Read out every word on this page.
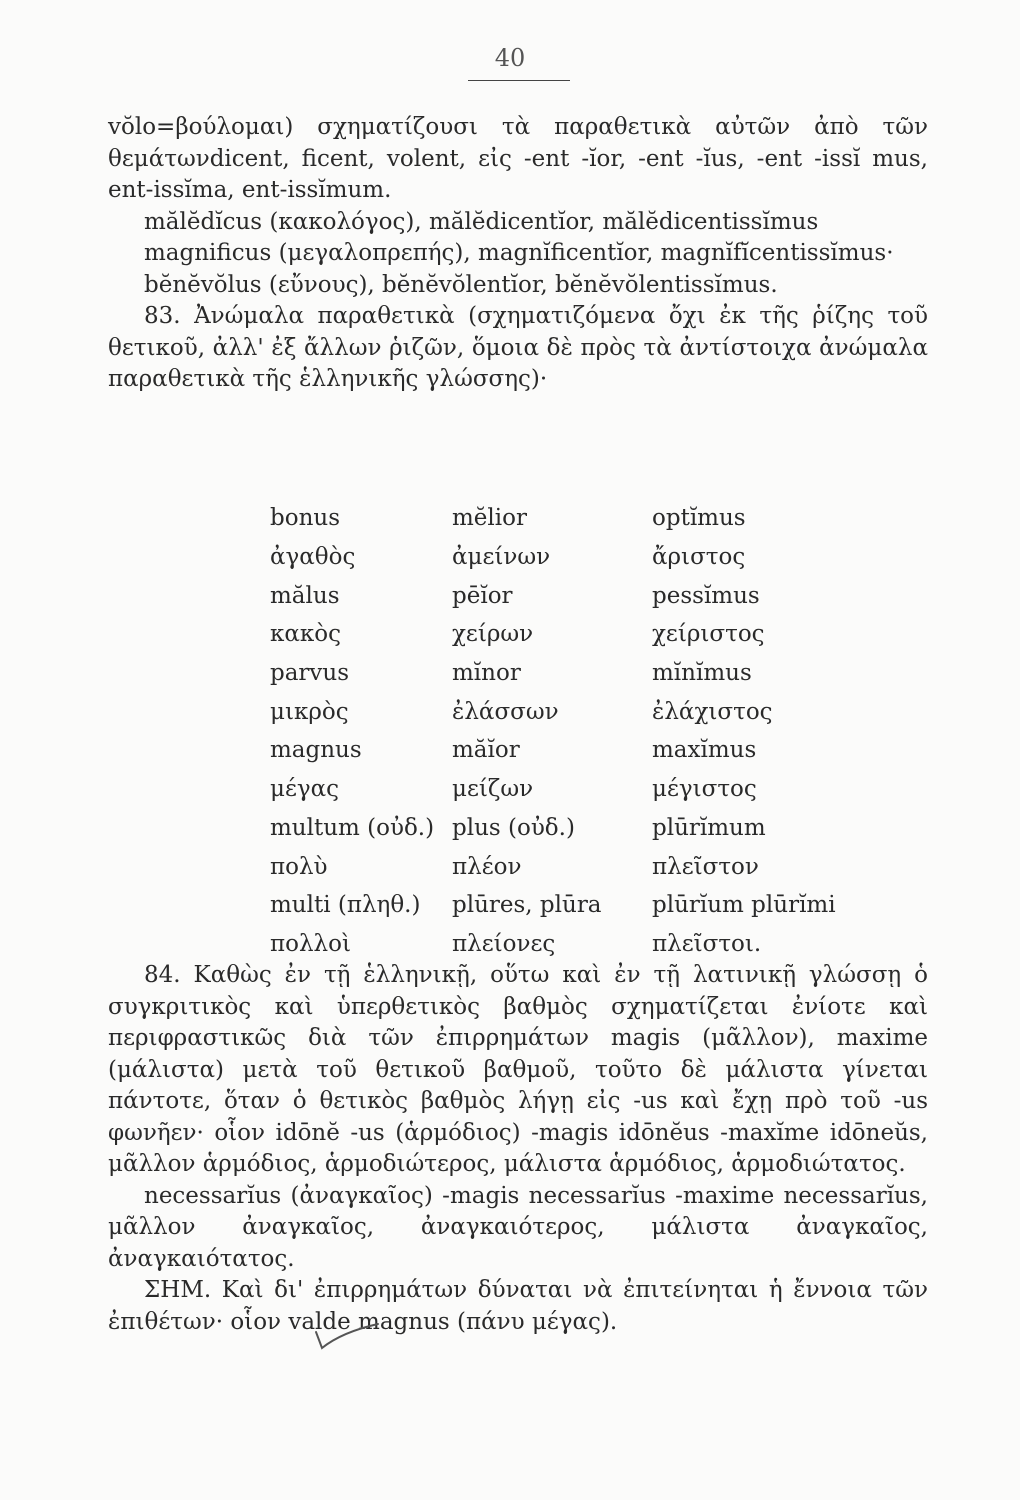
40

vŏlo=βούλομαι) σχηματίζουσι τὰ παραθετικὰ αὐτῶν ἀπὸ τῶν θεμάτωνdicent, ficent, volent, εἰς -ent -ĭor, -ent -ĭus, -ent -issĭ mus, ent-issĭma, ent-issĭmum.

mălĕdĭcus (κακολόγος), mălĕdicentĭor, mălĕdicentissĭmus

magnificus (μεγαλοπρεπής), magnĭficentĭor, magnĭfĭcentissĭmus·

bĕnĕvŏlus (εὔνους), bĕnĕvŏlentĭor, bĕnĕvŏlentissĭmus.

83. Ἀνώμαλα παραθετικὰ (σχηματιζόμενα ὄχι ἐκ τῆς ῥίζης τοῦ θετικοῦ, ἀλλ' ἐξ ἄλλων ῥιζῶν, ὅμοια δὲ πρὸς τὰ ἀντίστοιχα ἀνώμαλα παραθετικὰ τῆς ἑλληνικῆς γλώσσης)·

bonus	mĕlior	optĭmus
ἀγαθὸς	ἀμείνων	ἄριστος
mălus	pēĭor	pessĭmus
κακὸς	χείρων	χείριστος
parvus	mĭnor	mĭnĭmus
μικρὸς	ἐλάσσων	ἐλάχιστος
magnus	măĭor	maxĭmus
μέγας	μείζων	μέγιστος
multum (οὐδ.)	plus (οὐδ.)	plūrĭmum
πολὺ	πλέον	πλεῖστον
multi (πληθ.)	plūres, plūra	plūrĭum plūrĭmi
πολλοὶ	πλείονες	πλεῖστοι.

84. Καθὼς ἐν τῇ ἑλληνικῇ, οὕτω καὶ ἐν τῇ λατινικῇ γλώσσῃ ὁ συγκριτικὸς καὶ ὑπερθετικὸς βαθμὸς σχηματίζεται ἐνίοτε καὶ περιφραστικῶς διὰ τῶν ἐπιρρημάτων magis (μᾶλλον), maxime (μάλιστα) μετὰ τοῦ θετικοῦ βαθμοῦ, τοῦτο δὲ μάλιστα γίνεται πάντοτε, ὅταν ὁ θετικὸς βαθμὸς λήγῃ εἰς -us καὶ ἔχῃ πρὸ τοῦ -us φωνῆεν· οἷον idōnĕ -us (ἁρμόδιος) -magis idōnĕus -maxĭme idōneŭs, μᾶλλον ἁρμόδιος, ἁρμοδιώτερος, μάλιστα ἁρμόδιος, ἁρμοδιώτατος.

necessarĭus (ἀναγκαῖος) -magis necessarĭus -maxime necessarĭus, μᾶλλον ἀναγκαῖος, ἀναγκαιότερος, μάλιστα ἀναγκαῖος, ἀναγκαιότατος.

ΣΗΜ. Καὶ δι' ἐπιρρημάτων δύναται νὰ ἐπιτείνηται ἡ ἔννοια τῶν ἐπιθέτων· οἷον valde magnus (πάνυ μέγας).
